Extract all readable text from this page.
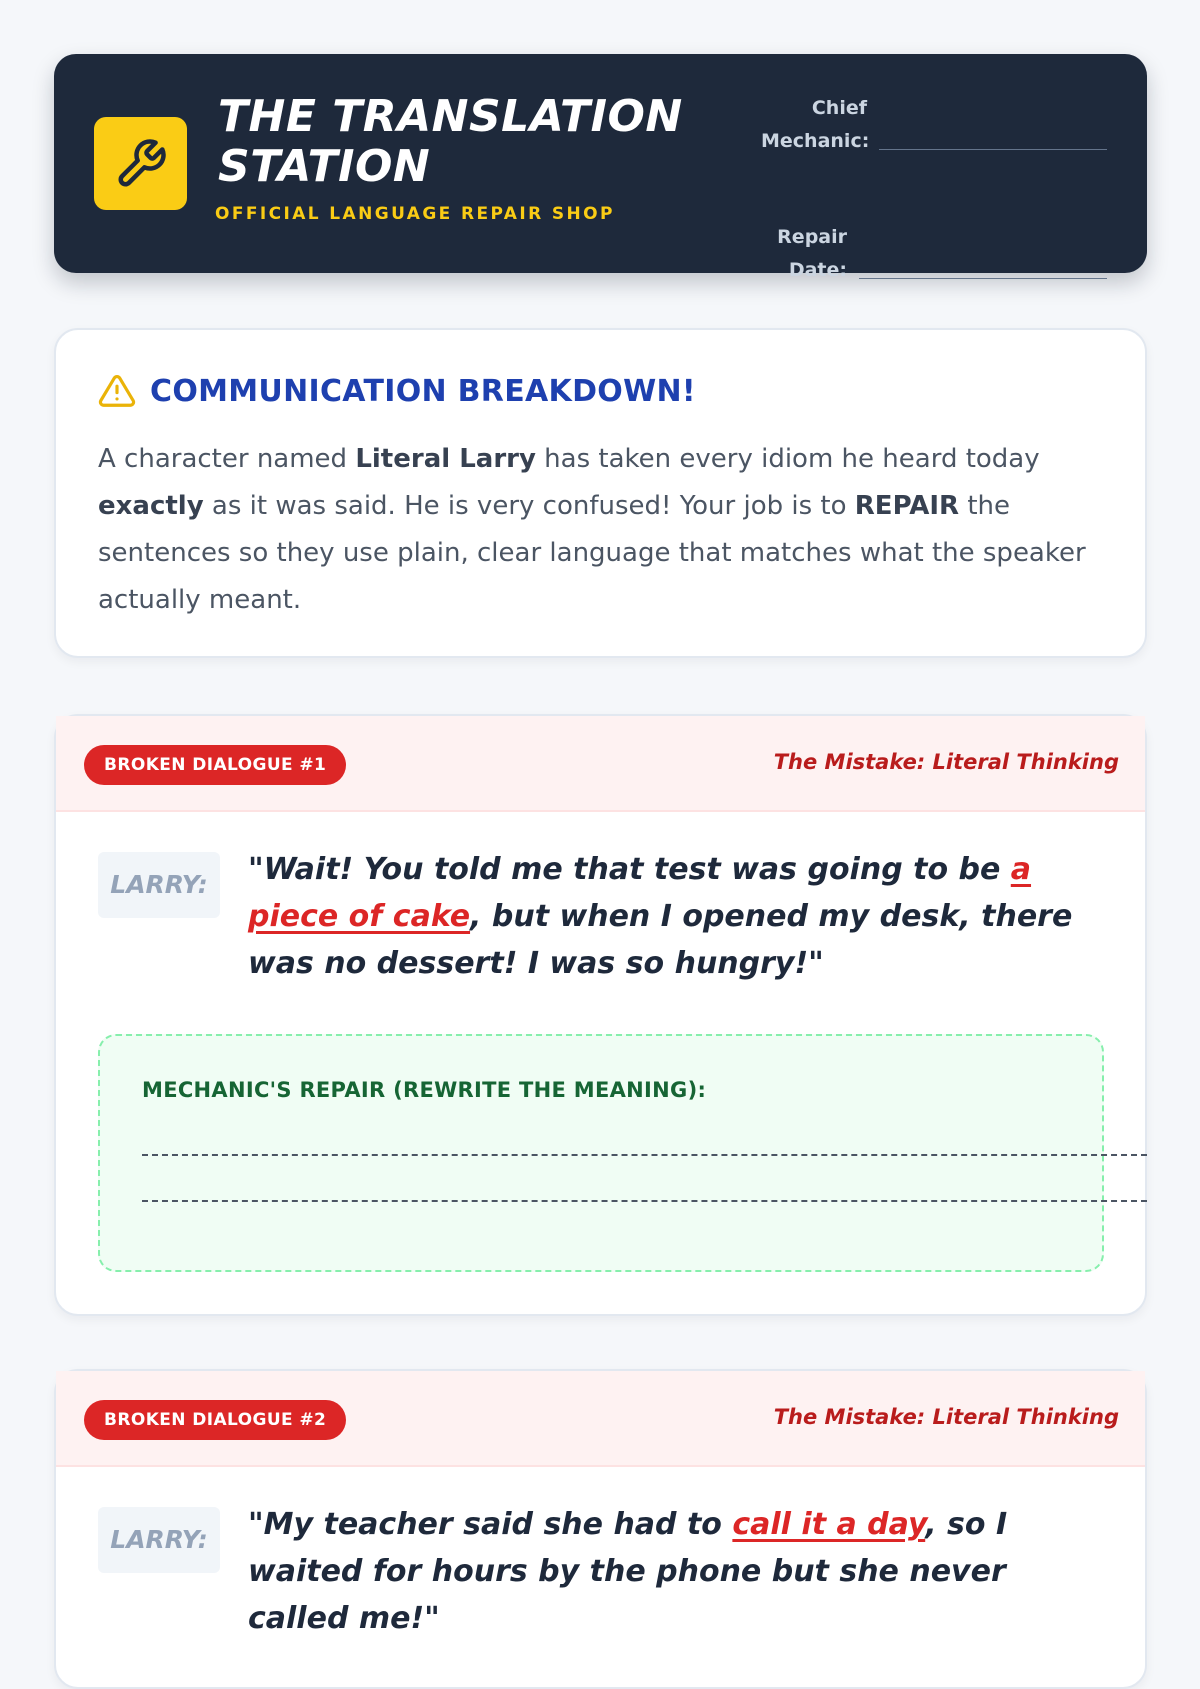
THE TRANSLATION STATION
OFFICIAL LANGUAGE REPAIR SHOP
Chief Mechanic:
Repair Date:
COMMUNICATION BREAKDOWN!

A character named Literal Larry has taken every idiom he heard today exactly as it was said. He is very confused! Your job is to REPAIR the sentences so they use plain, clear language that matches what the speaker actually meant.

BROKEN DIALOGUE #1	The Mistake: Literal Thinking
LARRY:	"Wait! You told me that test was going to be a piece of cake, but when I opened my desk, there was no dessert! I was so hungry!"

MECHANIC'S REPAIR (REWRITE THE MEANING):
BROKEN DIALOGUE #2	The Mistake: Literal Thinking
LARRY:	"My teacher said she had to call it a day, so I waited for hours by the phone but she never called me!"
